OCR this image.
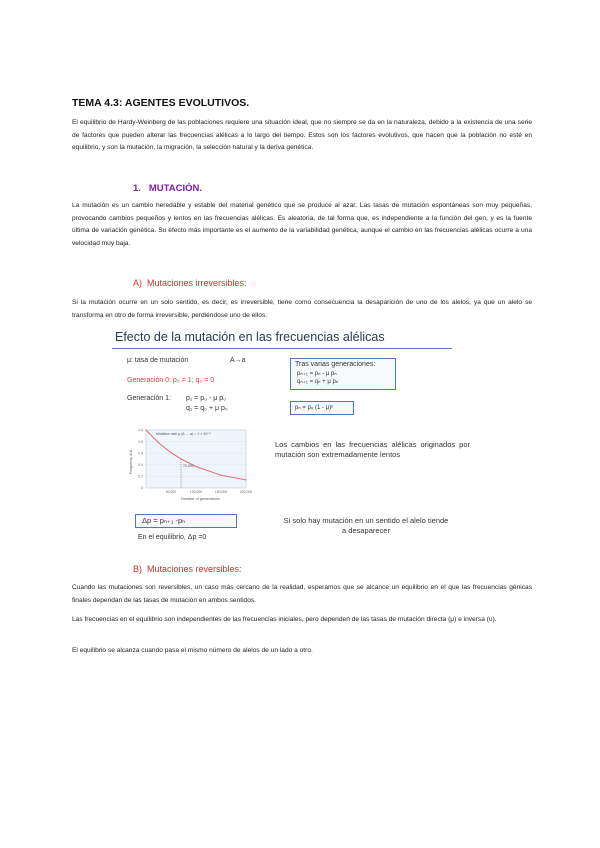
TEMA 4.3: AGENTES EVOLUTIVOS.
El equilibrio de Hardy-Weinberg de las poblaciones requiere una situación ideal, que no siempre se da en la naturaleza, debido a la existencia de una serie de factores que pueden alterar las frecuencias alélicas a lo largo del tiempo. Estos son los factores evolutivos, que hacen que la población no esté en equilibrio, y son la mutación, la migración, la selección natural y la deriva genética.
1. MUTACIÓN.
La mutación es un cambio heredable y estable del material genético que se produce al azar. Las tasas de mutación espontáneas son muy pequeñas, provocando cambios pequeños y lentos en las frecuencias alélicas. Es aleatoria, de tal forma que, es independiente a la función del gen, y es la fuente última de variación genética. Su efecto más importante es el aumento de la variabilidad genética, aunque el cambio en las frecuencias alélicas ocurre a una velocidad muy baja.
A) Mutaciones irreversibles:
Si la mutación ocurre en un solo sentido, es decir, es irreversible, tiene como consecuencia la desaparición de uno de los alelos, ya que un alelo se transforma en otro de forma irreversible, perdiéndose uno de ellos.
Efecto de la mutación en las frecuencias alélicas
μ: tasa de mutación	A→a
Generación 0: p₀ = 1; q₀ = 0
Generación 1: p₁ = p₀ - μ p₀
q₁ = q₀ + μ p₀
Tras varias generaciones:
pₙ₊₁ = pₙ - μ pₙ
qₙ₊₁ = qₙ + μ pₙ
pₙ = p₀ (1 - μ)ⁿ
1.0
0.8
0.6
0.4
0.2
0
50,000	100,000	150,000	200,000
70,000
Mutation rate μ (A → a) = 1 × 10⁻⁵
Number of generations
Frequency of A
Los cambios en las frecuencias alélicas originados por mutación son extremadamente lentos
Δp = pₙ₊₁ -pₙ
En el equilibrio, Δp =0
Si solo hay mutación en un sentido el alelo tiende a desaparecer
B) Mutaciones reversibles:
Cuando las mutaciones son reversibles, un caso más cercano de la realidad, esperamos que se alcance un equilibrio en el que las frecuencias génicas finales dependan de las tasas de mutación en ambos sentidos.
Las frecuencias en el equilibrio son independientes de las frecuencias iniciales, pero dependen de las tasas de mutación directa (μ) e inversa (υ).
El equilibrio se alcanza cuando pasa el mismo número de alelos de un lado a otro.
